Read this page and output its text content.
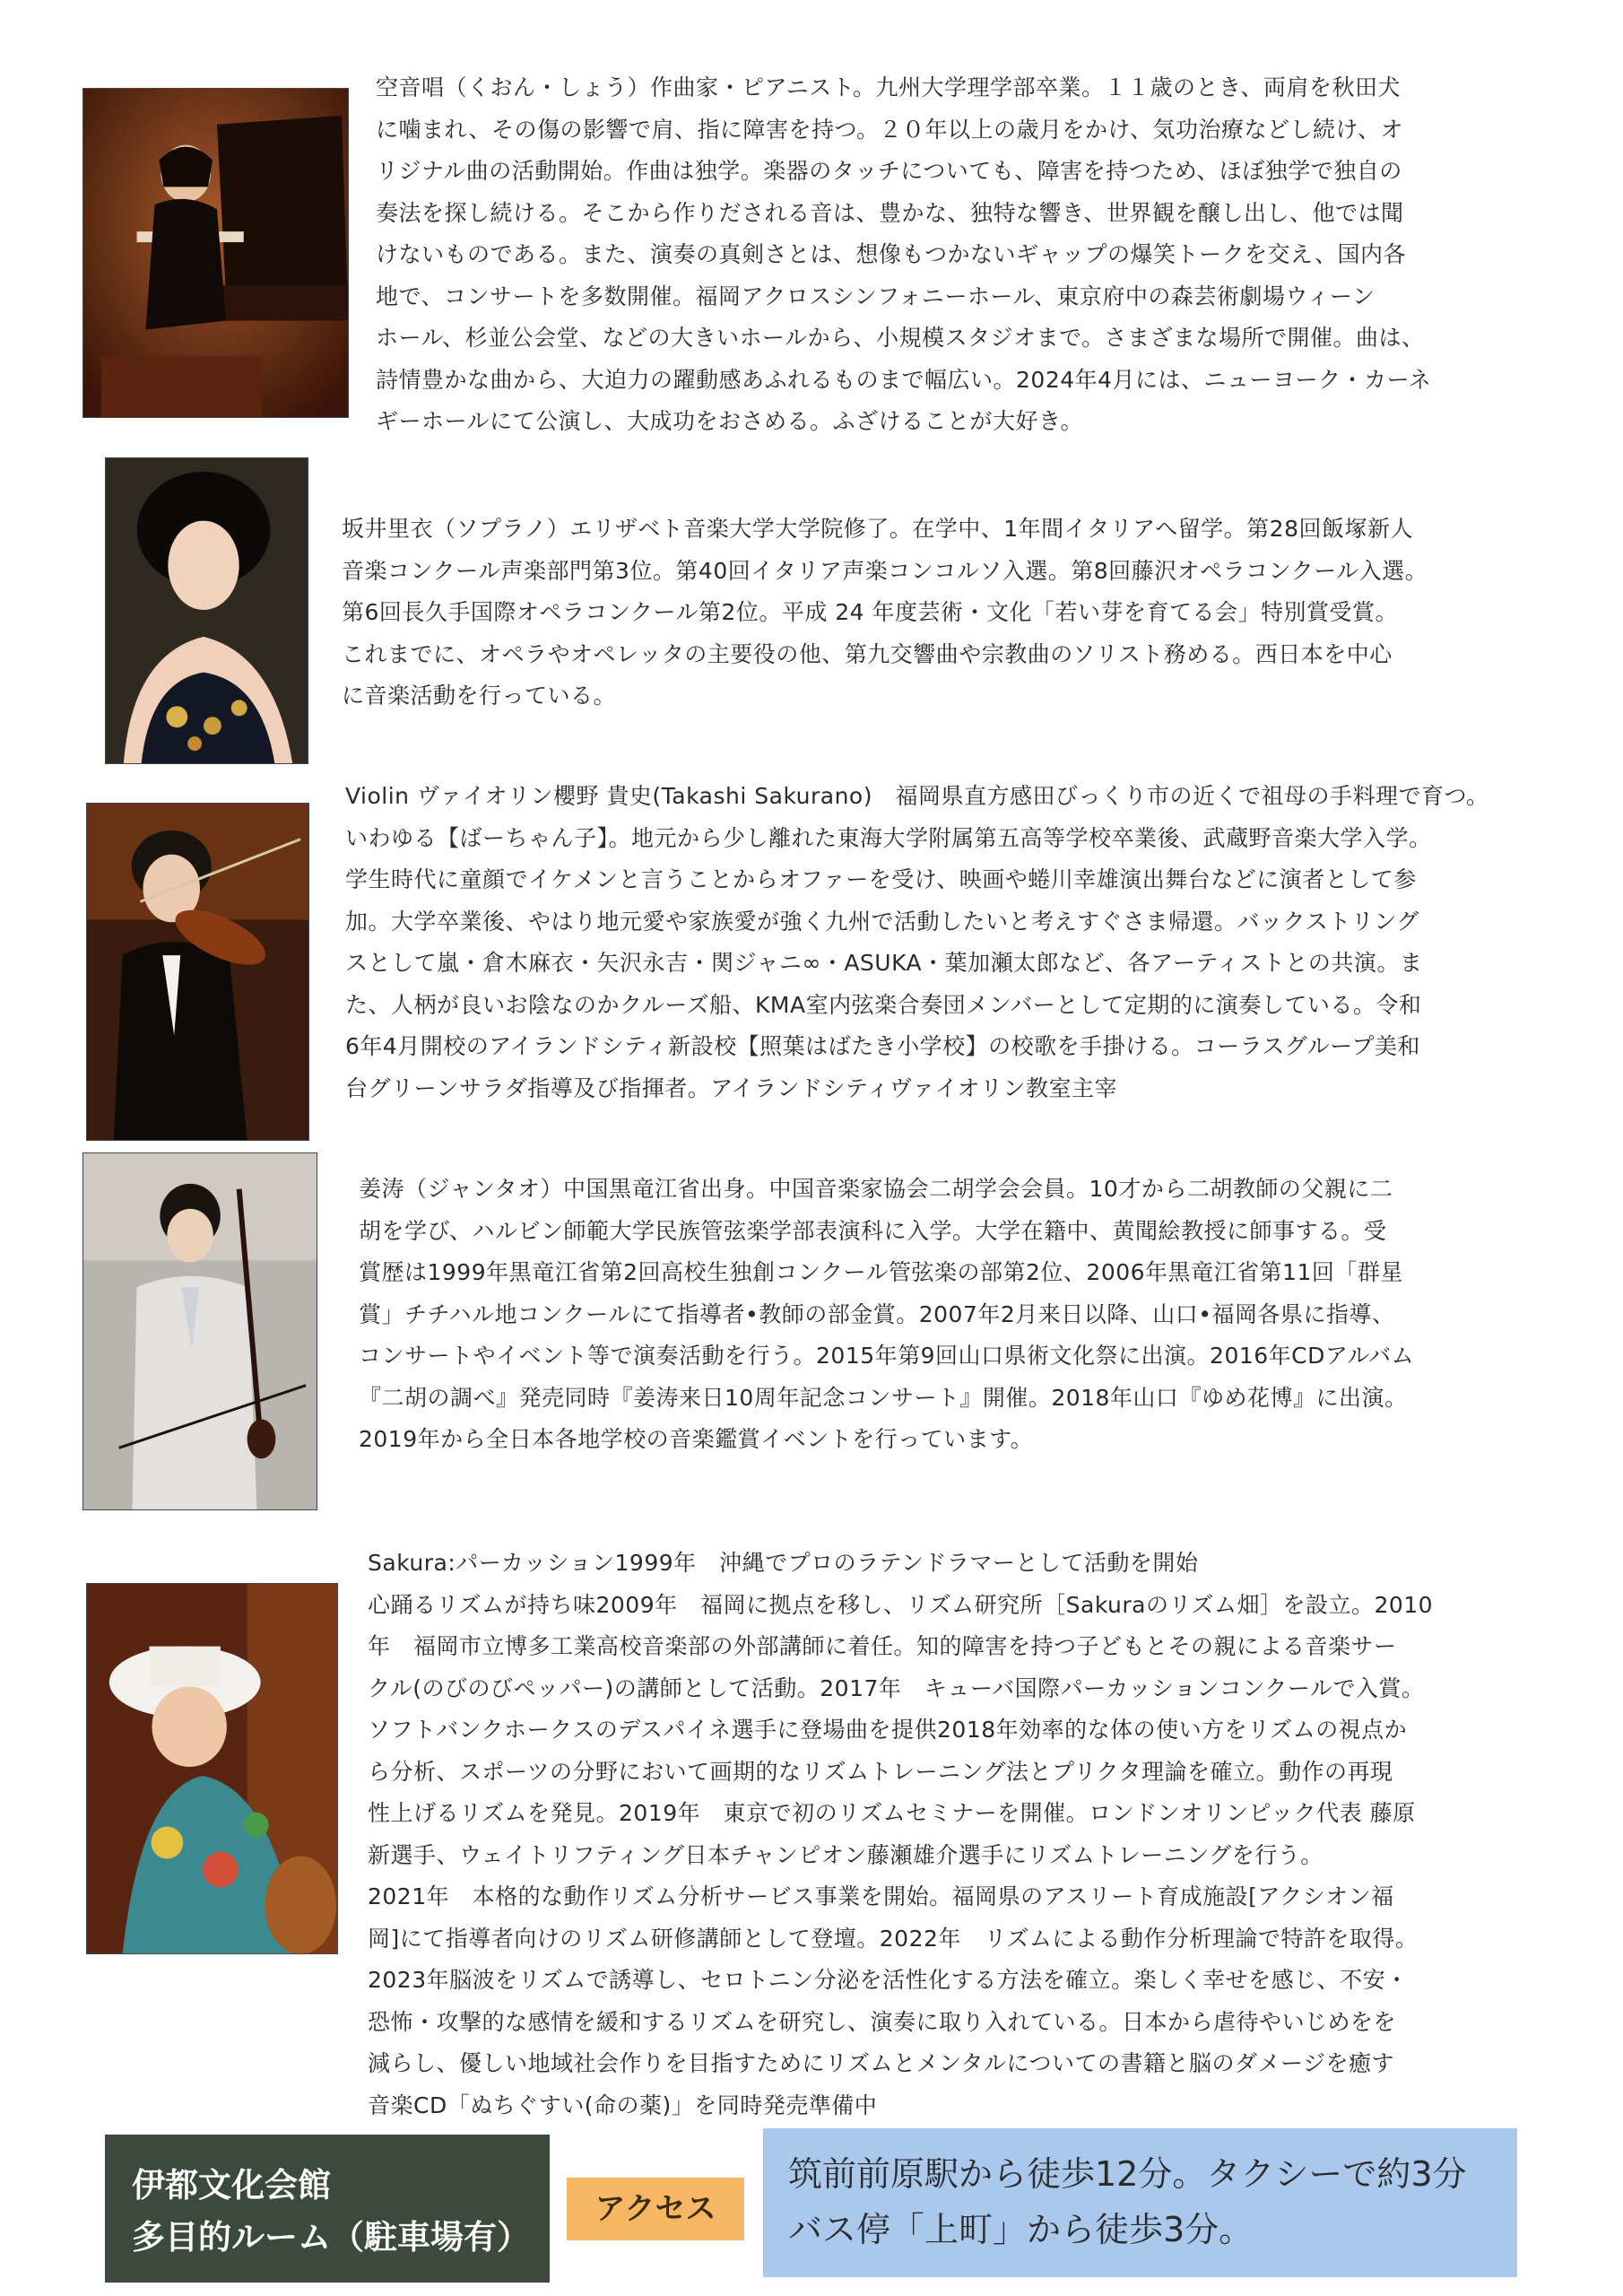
空音唱（くおん・しょう）作曲家・ピアニスト。九州大学理学部卒業。１１歳のとき、両肩を秋田犬
に噛まれ、その傷の影響で肩、指に障害を持つ。２０年以上の歳月をかけ、気功治療などし続け、オ
リジナル曲の活動開始。作曲は独学。楽器のタッチについても、障害を持つため、ほぼ独学で独自の
奏法を探し続ける。そこから作りだされる音は、豊かな、独特な響き、世界観を醸し出し、他では聞
けないものである。また、演奏の真剣さとは、想像もつかないギャップの爆笑トークを交え、国内各
地で、コンサートを多数開催。福岡アクロスシンフォニーホール、東京府中の森芸術劇場ウィーン
ホール、杉並公会堂、などの大きいホールから、小規模スタジオまで。さまざまな場所で開催。曲は、
詩情豊かな曲から、大迫力の躍動感あふれるものまで幅広い。2024年4月には、ニューヨーク・カーネ
ギーホールにて公演し、大成功をおさめる。ふざけることが大好き。
坂井里衣（ソプラノ）エリザベト音楽大学大学院修了。在学中、1年間イタリアへ留学。第28回飯塚新人
音楽コンクール声楽部門第3位。第40回イタリア声楽コンコルソ入選。第8回藤沢オペラコンクール入選。
第6回長久手国際オペラコンクール第2位。平成 24 年度芸術・文化「若い芽を育てる会」特別賞受賞。
これまでに、オペラやオペレッタの主要役の他、第九交響曲や宗教曲のソリスト務める。西日本を中心
に音楽活動を行っている。
Violin ヴァイオリン櫻野 貴史(Takashi Sakurano)　福岡県直方感田びっくり市の近くで祖母の手料理で育つ。
いわゆる【ばーちゃん子】。地元から少し離れた東海大学附属第五高等学校卒業後、武蔵野音楽大学入学。
学生時代に童顔でイケメンと言うことからオファーを受け、映画や蜷川幸雄演出舞台などに演者として参
加。大学卒業後、やはり地元愛や家族愛が強く九州で活動したいと考えすぐさま帰還。バックストリング
スとして嵐・倉木麻衣・矢沢永吉・関ジャニ∞・ASUKA・葉加瀬太郎など、各アーティストとの共演。ま
た、人柄が良いお陰なのかクルーズ船、KMA室内弦楽合奏団メンバーとして定期的に演奏している。令和
6年4月開校のアイランドシティ新設校【照葉はばたき小学校】の校歌を手掛ける。コーラスグループ美和
台グリーンサラダ指導及び指揮者。アイランドシティヴァイオリン教室主宰
姜涛（ジャンタオ）中国黒竜江省出身。中国音楽家協会二胡学会会員。10才から二胡教師の父親に二
胡を学び、ハルビン師範大学民族管弦楽学部表演科に入学。大学在籍中、黄聞絵教授に師事する。受
賞歴は1999年黒竜江省第2回高校生独創コンクール管弦楽の部第2位、2006年黒竜江省第11回「群星
賞」チチハル地コンクールにて指導者•教師の部金賞。2007年2月来日以降、山口•福岡各県に指導、
コンサートやイベント等で演奏活動を行う。2015年第9回山口県術文化祭に出演。2016年CDアルバム
『二胡の調べ』発売同時『姜涛来日10周年記念コンサート』開催。2018年山口『ゆめ花博』に出演。
2019年から全日本各地学校の音楽鑑賞イベントを行っています。
Sakura:パーカッション1999年　沖縄でプロのラテンドラマーとして活動を開始
心踊るリズムが持ち味2009年　福岡に拠点を移し、リズム研究所［Sakuraのリズム畑］を設立。2010
年　福岡市立博多工業高校音楽部の外部講師に着任。知的障害を持つ子どもとその親による音楽サー
クル(のびのびペッパー)の講師として活動。2017年　キューバ国際パーカッションコンクールで入賞。
ソフトバンクホークスのデスパイネ選手に登場曲を提供2018年効率的な体の使い方をリズムの視点か
ら分析、スポーツの分野において画期的なリズムトレーニング法とプリクタ理論を確立。動作の再現
性上げるリズムを発見。2019年　東京で初のリズムセミナーを開催。ロンドンオリンピック代表 藤原
新選手、ウェイトリフティング日本チャンピオン藤瀬雄介選手にリズムトレーニングを行う。
2021年　本格的な動作リズム分析サービス事業を開始。福岡県のアスリート育成施設[アクシオン福
岡]にて指導者向けのリズム研修講師として登壇。2022年　リズムによる動作分析理論で特許を取得。
2023年脳波をリズムで誘導し、セロトニン分泌を活性化する方法を確立。楽しく幸せを感じ、不安・
恐怖・攻撃的な感情を緩和するリズムを研究し、演奏に取り入れている。日本から虐待やいじめをを
減らし、優しい地域社会作りを目指すためにリズムとメンタルについての書籍と脳のダメージを癒す
音楽CD「ぬちぐすい(命の薬)」を同時発売準備中
伊都文化会館
多目的ルーム（駐車場有）
アクセス
筑前前原駅から徒歩12分。タクシーで約3分
バス停「上町」から徒歩3分。
